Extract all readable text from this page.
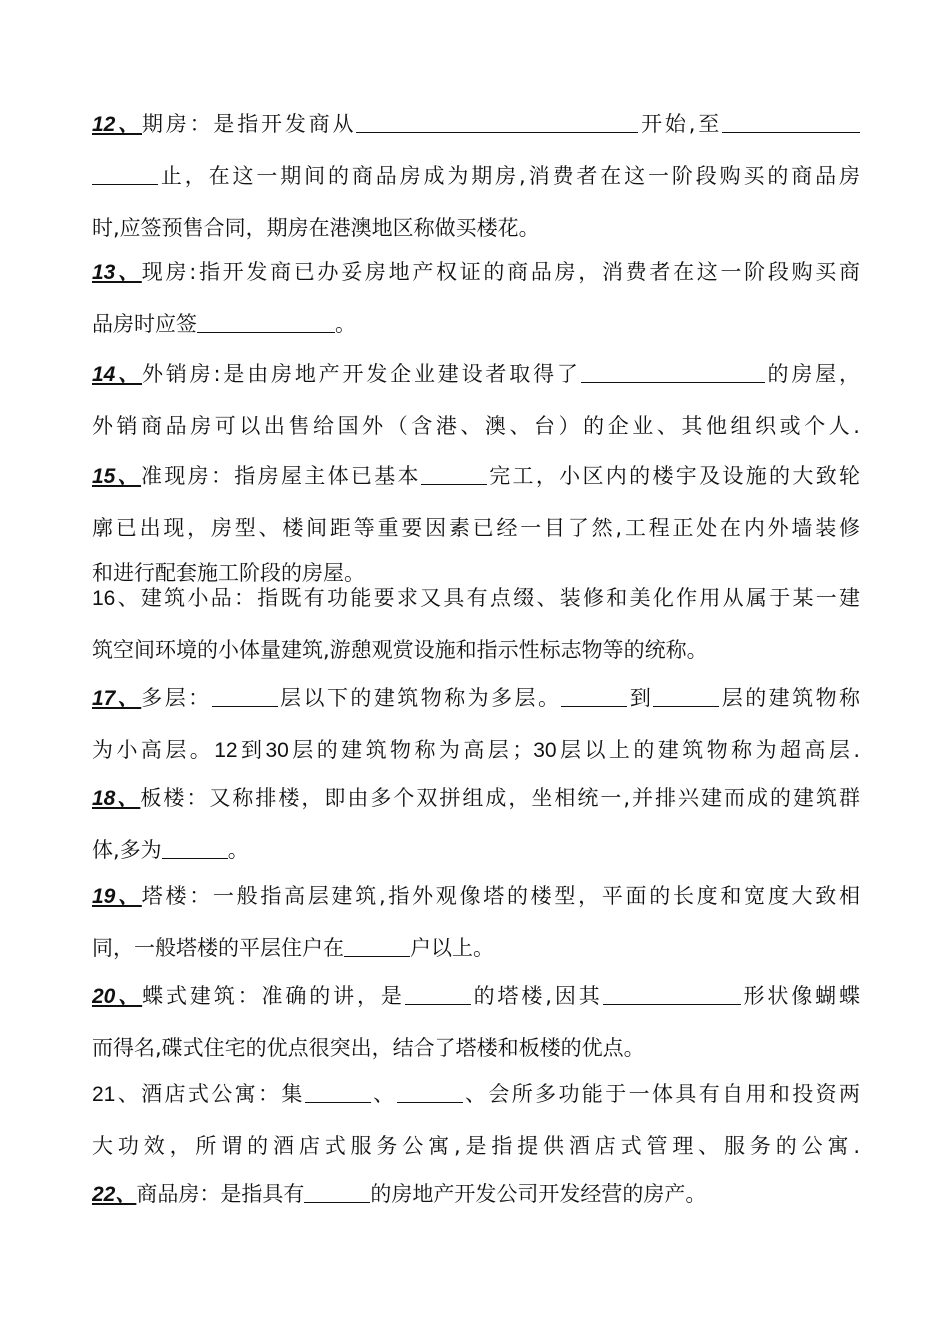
12、期房：是指开发商从	开始,至
止，在这一期间的商品房成为期房,消费者在这一阶段购买的商品房
时,应签预售合同，期房在港澳地区称做买楼花。
13、现房:指开发商已办妥房地产权证的商品房，消费者在这一阶段购买商
品房时应签	。
14、外销房:是由房地产开发企业建设者取得了	的房屋，
外销商品房可以出售给国外（含港、澳、台）的企业、其他组织或个人.
15、准现房：指房屋主体已基本	完工，小区内的楼宇及设施的大致轮
廓已出现，房型、楼间距等重要因素已经一目了然,工程正处在内外墙装修
和进行配套施工阶段的房屋。
16、建筑小品：指既有功能要求又具有点缀、装修和美化作用从属于某一建
筑空间环境的小体量建筑,游憩观赏设施和指示性标志物等的统称。
17、多层：	层以下的建筑物称为多层。	到	层的建筑物称
为小高层。12到30层的建筑物称为高层；30层以上的建筑物称为超高层.
18、板楼：又称排楼，即由多个双拼组成，坐相统一,并排兴建而成的建筑群
体,多为	。
19、塔楼：一般指高层建筑,指外观像塔的楼型，平面的长度和宽度大致相
同，一般塔楼的平层住户在	户以上。
20、蝶式建筑：准确的讲，是	的塔楼,因其	形状像蝴蝶
而得名,碟式住宅的优点很突出，结合了塔楼和板楼的优点。
21、酒店式公寓：集	、	、会所多功能于一体具有自用和投资两
大功效，所谓的酒店式服务公寓,是指提供酒店式管理、服务的公寓.
22、商品房：是指具有	的房地产开发公司开发经营的房产。
